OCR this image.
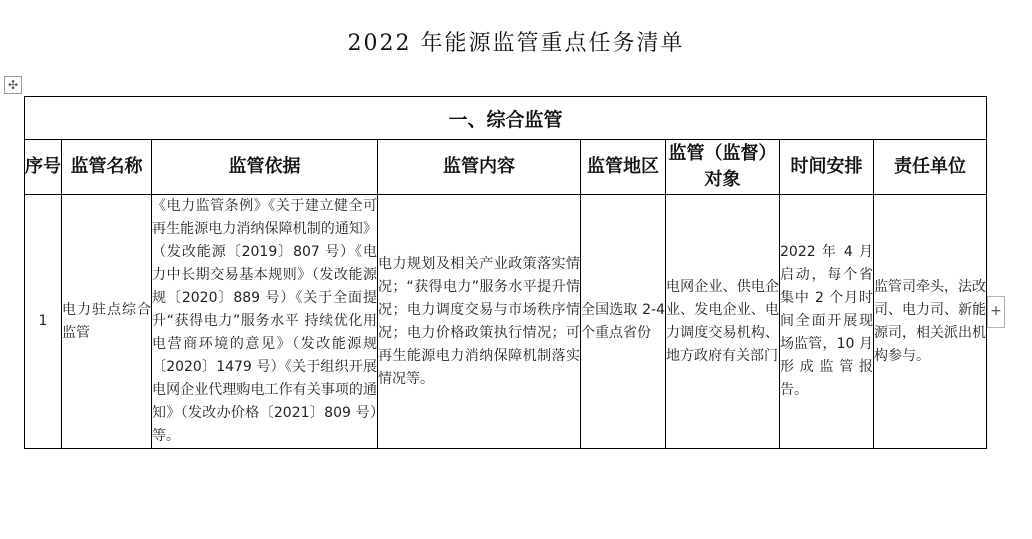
2022 年能源监管重点任务清单
✣
一、综合监管							
序号	监管名称	监管依据	监管内容	监管地区	监管（监督）对象	时间安排	责任单位
1	电力驻点综合监管	《电力监管条例》《关于建立健全可再生能源电力消纳保障机制的通知》（发改能源〔2019〕807 号）《电力中长期交易基本规则》（发改能源规〔2020〕889 号）《关于全面提升“获得电力”服务水平 持续优化用电营商环境的意见》（发改能源规〔2020〕1479 号）《关于组织开展电网企业代理购电工作有关事项的通知》（发改办价格〔2021〕809 号）等。	电力规划及相关产业政策落实情况；“获得电力”服务水平提升情况；电力调度交易与市场秩序情况；电力价格政策执行情况；可再生能源电力消纳保障机制落实情况等。	全国选取 2-4 个重点省份	电网企业、供电企业、发电企业、电力调度交易机构、地方政府有关部门	2022 年 4 月启动，每个省集中 2 个月时间全面开展现场监管，10 月形成监管报告。	监管司牵头，法改司、电力司、新能源司，相关派出机构参与。
+
